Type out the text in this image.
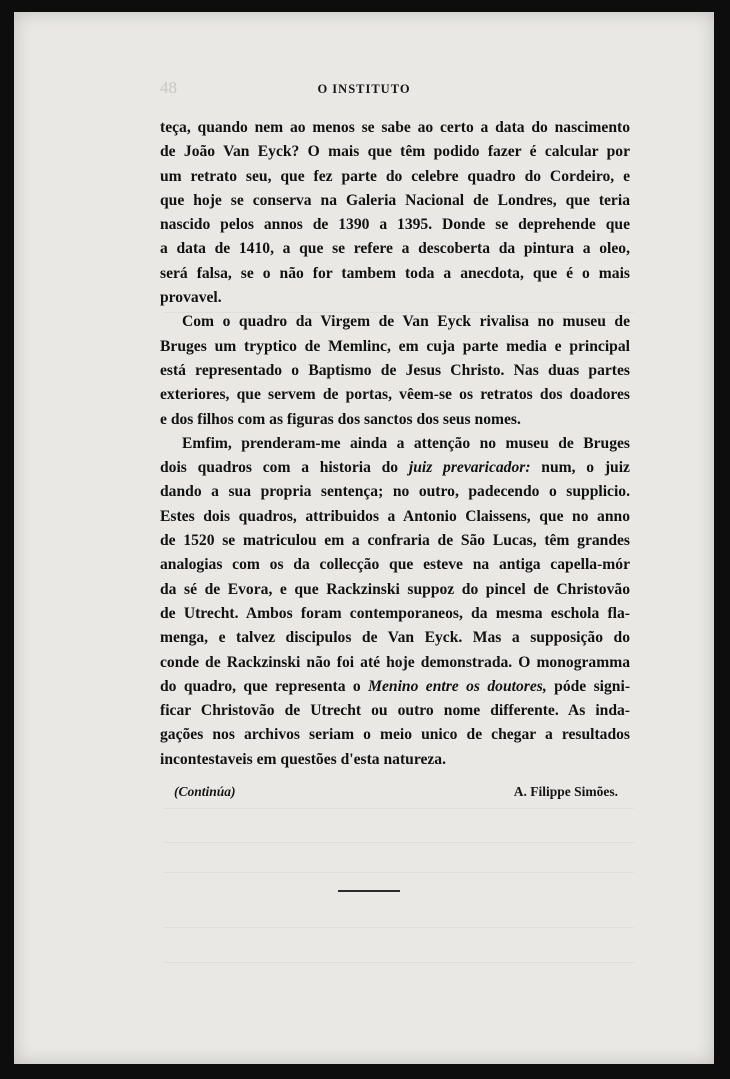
48	O INSTITUTO
teça, quando nem ao menos se sabe ao certo a data do nascimento
de João Van Eyck? O mais que têm podido fazer é calcular por
um retrato seu, que fez parte do celebre quadro do Cordeiro, e
que hoje se conserva na Galeria Nacional de Londres, que teria
nascido pelos annos de 1390 a 1395. Donde se deprehende que
a data de 1410, a que se refere a descoberta da pintura a oleo,
será falsa, se o não for tambem toda a anecdota, que é o mais
provavel.
Com o quadro da Virgem de Van Eyck rivalisa no museu de
Bruges um tryptico de Memlinc, em cuja parte media e principal
está representado o Baptismo de Jesus Christo. Nas duas partes
exteriores, que servem de portas, vêem-se os retratos dos doadores
e dos filhos com as figuras dos sanctos dos seus nomes.
Emfim, prenderam-me ainda a attenção no museu de Bruges
dois quadros com a historia do juiz prevaricador: num, o juiz
dando a sua propria sentença; no outro, padecendo o supplicio.
Estes dois quadros, attribuidos a Antonio Claissens, que no anno
de 1520 se matriculou em a confraria de São Lucas, têm grandes
analogias com os da collecção que esteve na antiga capella-mór
da sé de Evora, e que Rackzinski suppoz do pincel de Christovão
de Utrecht. Ambos foram contemporaneos, da mesma eschola fla-
menga, e talvez discipulos de Van Eyck. Mas a supposição do
conde de Rackzinski não foi até hoje demonstrada. O monogramma
do quadro, que representa o Menino entre os doutores, póde signi-
ficar Christovão de Utrecht ou outro nome differente. As inda-
gações nos archivos seriam o meio unico de chegar a resultados
incontestaveis em questões d'esta natureza.
(Continúa)	A. Filippe Simões.
